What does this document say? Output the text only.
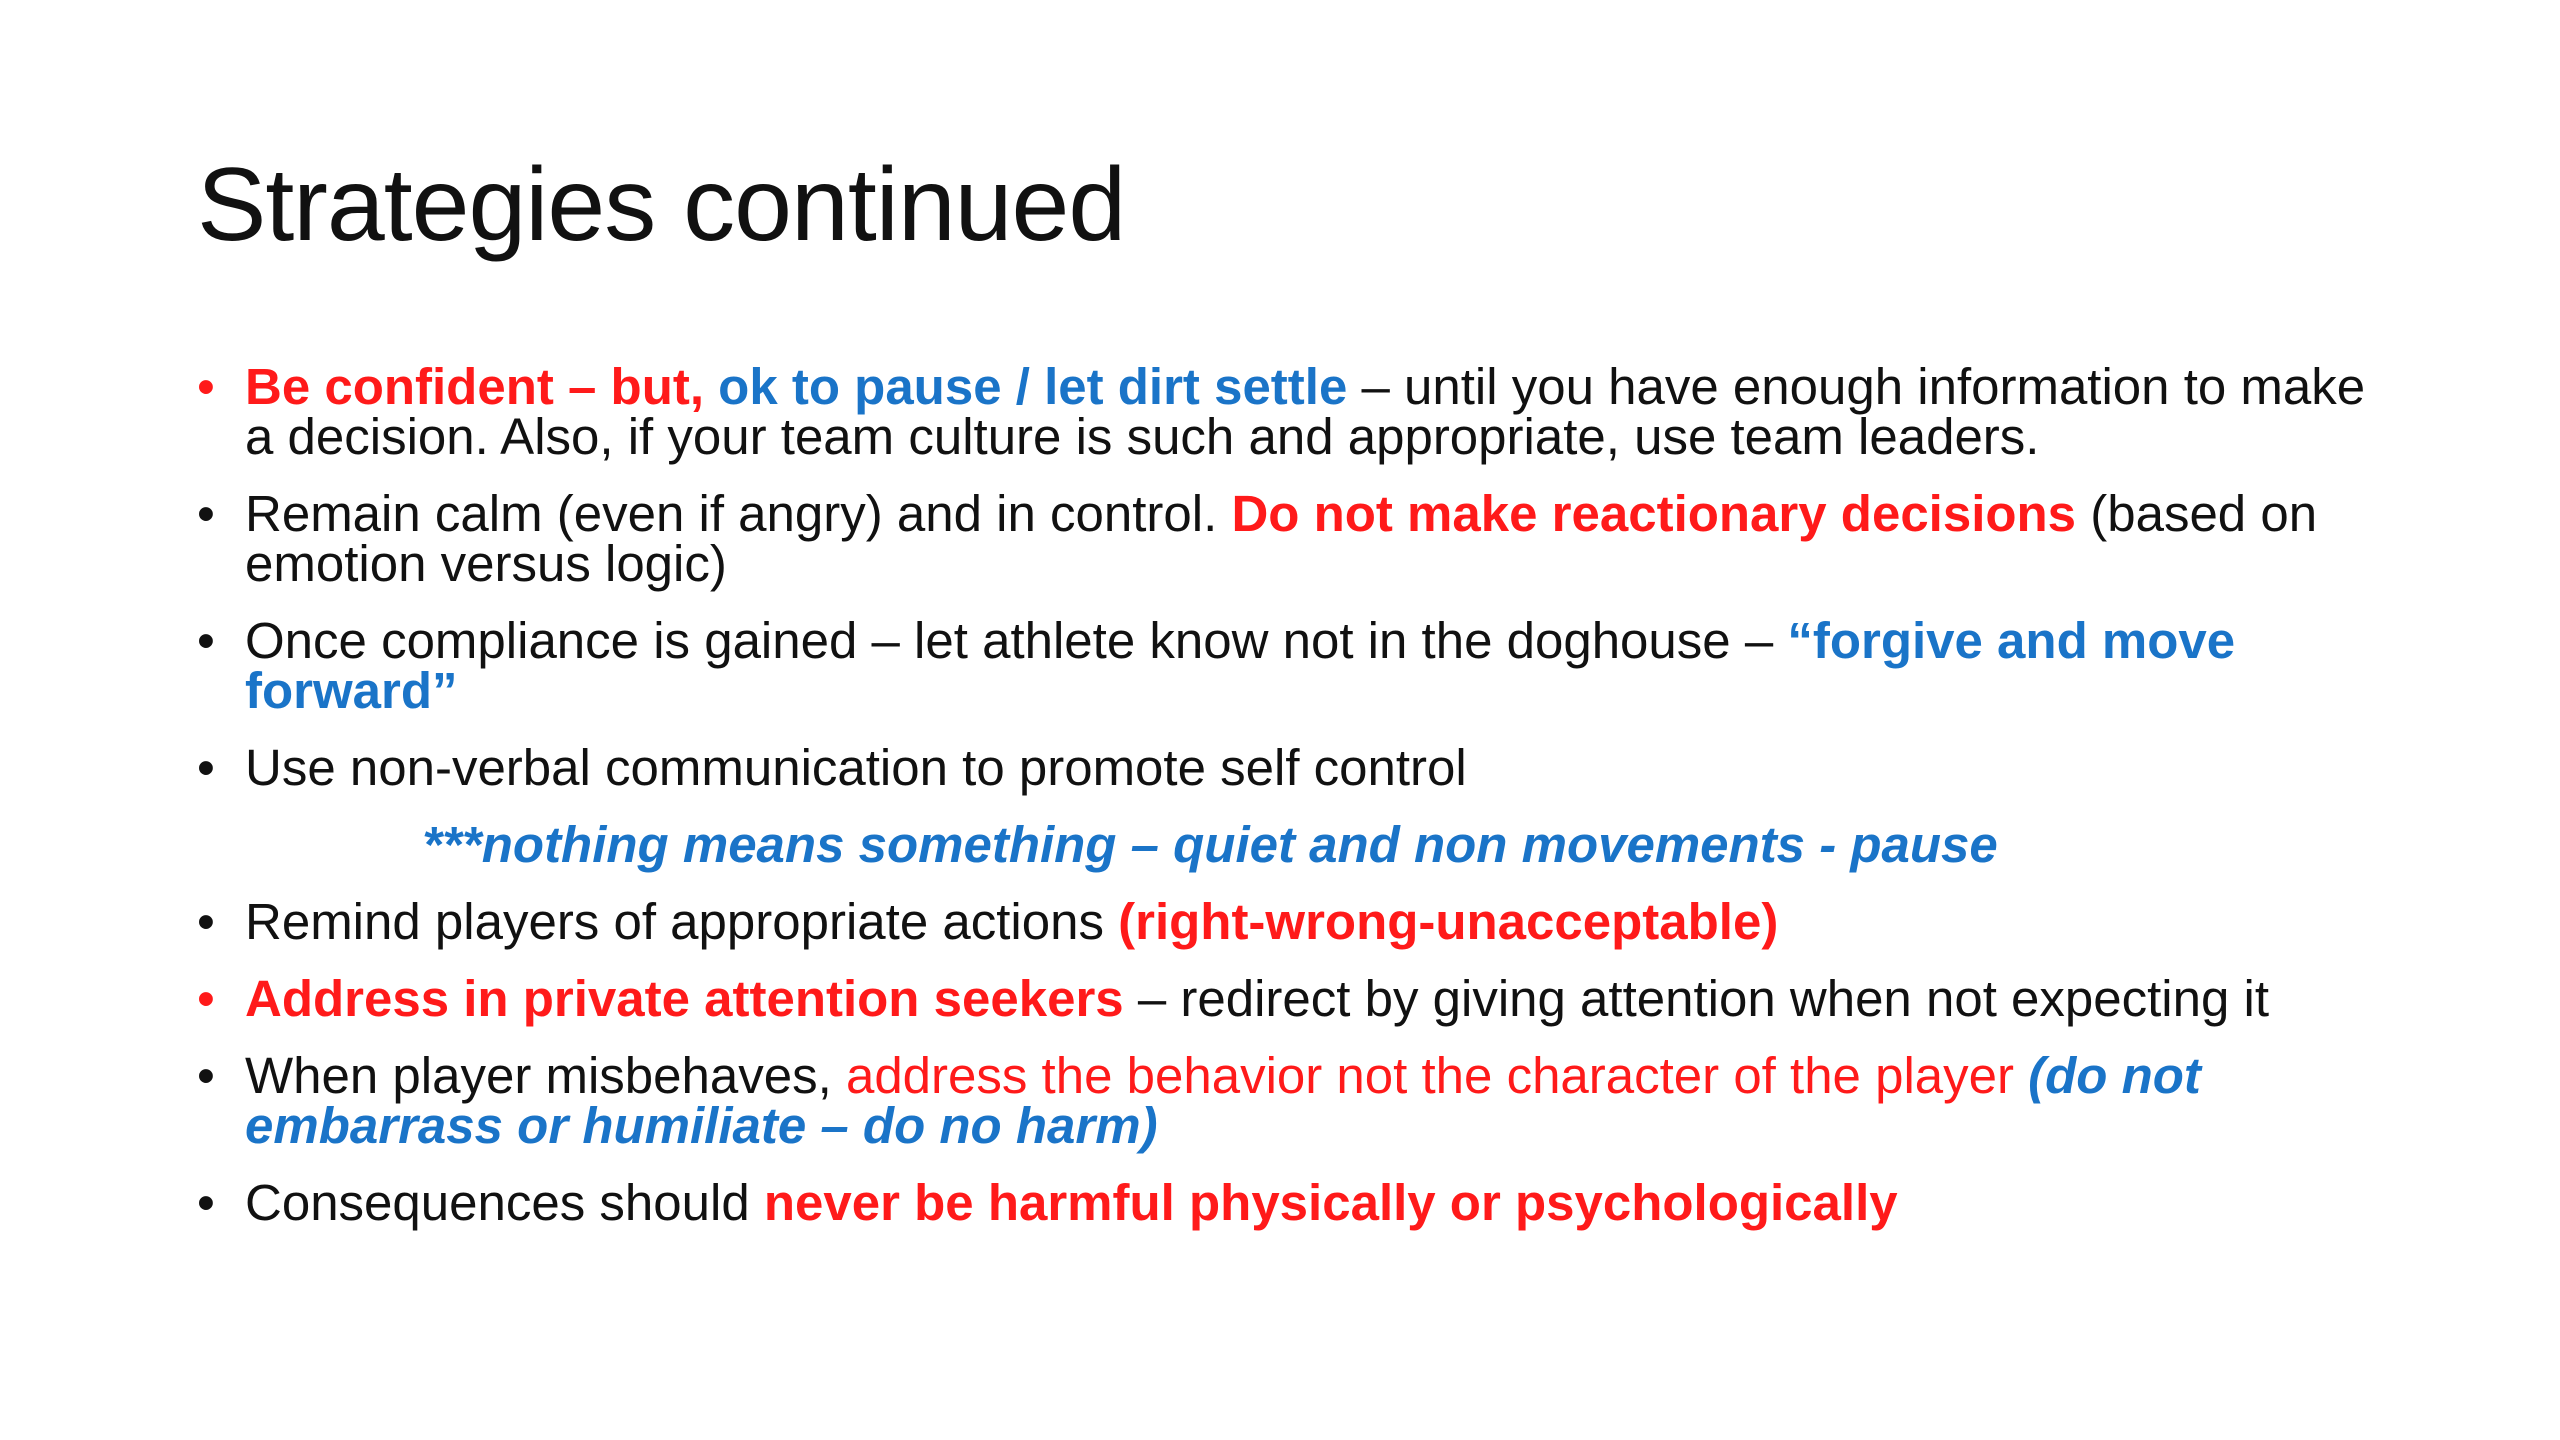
Strategies continued
• Be confident – but, ok to pause / let dirt settle – until you have enough information to make a decision. Also, if your team culture is such and appropriate, use team leaders.
• Remain calm (even if angry) and in control. Do not make reactionary decisions (based on emotion versus logic)
• Once compliance is gained – let athlete know not in the doghouse – “forgive and move forward”
• Use non-verbal communication to promote self control
***nothing means something – quiet and non movements - pause
• Remind players of appropriate actions (right-wrong-unacceptable)
• Address in private attention seekers – redirect by giving attention when not expecting it
• When player misbehaves, address the behavior not the character of the player (do not embarrass or humiliate – do no harm)
• Consequences should never be harmful physically or psychologically
